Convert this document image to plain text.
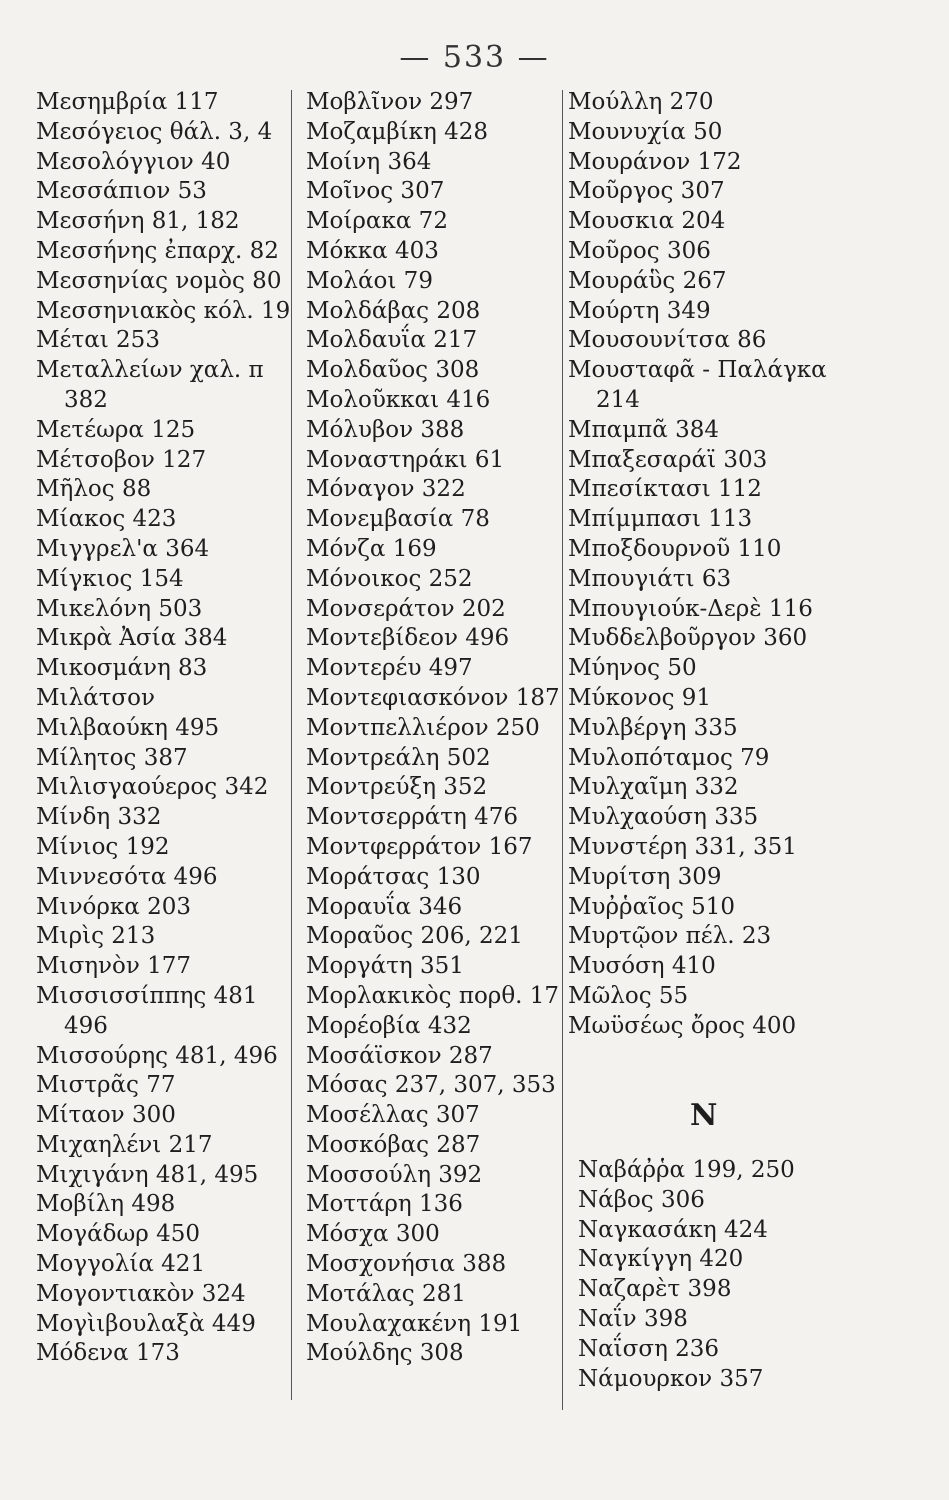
— 533 —
Μεσημβρία 117
Μεσόγειος θάλ. 3, 4
Μεσολόγγιον 40
Μεσσάπιον 53
Μεσσήνη 81, 182
Μεσσήνης ἐπαρχ. 82
Μεσσηνίας νομὸς 80
Μεσσηνιακὸς κόλ. 19
Μέται 253
Μεταλλείων χαλ. π
382
Μετέωρα 125
Μέτσοβον 127
Μῆλος 88
Μίακος 423
Μιγγρελ'α 364
Μίγκιος 154
Μικελόνη 503
Μικρὰ Ἀσία 384
Μικοσμάνη 83
Μιλάτσον
Μιλβαούκη 495
Μίλητος 387
Μιλισγαούερος 342
Μίνδη 332
Μίνιος 192
Μιννεσότα 496
Μινόρκα 203
Μιρὶς 213
Μισηνὸν 177
Μισσισσίππης 481
496
Μισσούρης 481, 496
Μιστρᾶς 77
Μίταον 300
Μιχαηλένι 217
Μιχιγάνη 481, 495
Μοβίλη 498
Μογάδωρ 450
Μογγολία 421
Μογοντιακὸν 324
Μογὶιβουλαξὰ 449
Μόδενα 173
Μοβλῖνον 297
Μοζαμβίκη 428
Μοίνη 364
Μοῖνος 307
Μοίρακα 72
Μόκκα 403
Μολάοι 79
Μολδάβας 208
Μολδαυΐα 217
Μολδαῦος 308
Μολοῦκκαι 416
Μόλυβον 388
Μοναστηράκι 61
Μόναγον 322
Μονεμβασία 78
Μόνζα 169
Μόνοικος 252
Μονσεράτον 202
Μοντεβίδεον 496
Μοντερέυ 497
Μοντεφιασκόνον 187
Μοντπελλιέρον 250
Μοντρεάλη 502
Μοντρεύξη 352
Μοντσερράτη 476
Μοντφερράτον 167
Μοράτσας 130
Μοραυΐα 346
Μοραῦος 206, 221
Μοργάτη 351
Μορλακικὸς πορθ. 17
Μορέοβία 432
Μοσάϊσκον 287
Μόσας 237, 307, 353
Μοσέλλας 307
Μοσκόβας 287
Μοσσούλη 392
Μοττάρη 136
Μόσχα 300
Μοσχονήσια 388
Μοτάλας 281
Μουλαχακένη 191
Μούλδης 308
Μούλλη 270
Μουνυχία 50
Μουράνον 172
Μοῦργος 307
Μουσκια 204
Μοῦρος 306
Μουράὓς 267
Μούρτη 349
Μουσουνίτσα 86
Μουσταφᾶ - Παλάγκα
214
Μπαμπᾶ 384
Μπαξεσαράϊ 303
Μπεσίκτασι 112
Μπίμμπασι 113
Μποξδουρνοῦ 110
Μπουγιάτι 63
Μπουγιούκ-Δερὲ 116
Μυδδελβοῦργον 360
Μύηνος 50
Μύκονος 91
Μυλβέργη 335
Μυλοπόταμος 79
Μυλχαῖμη 332
Μυλχαούση 335
Μυνστέρη 331, 351
Μυρίτση 309
Μυῤῥαῖος 510
Μυρτῷον πέλ. 23
Μυσόση 410
Μῶλος 55
Μωϋσέως ὄρος 400
N
Ναβάῤῥα 199, 250
Νάβος 306
Ναγκασάκη 424
Ναγκίγγη 420
Ναζαρὲτ 398
Ναΐν 398
Ναΐσση 236
Νάμουρκον 357
